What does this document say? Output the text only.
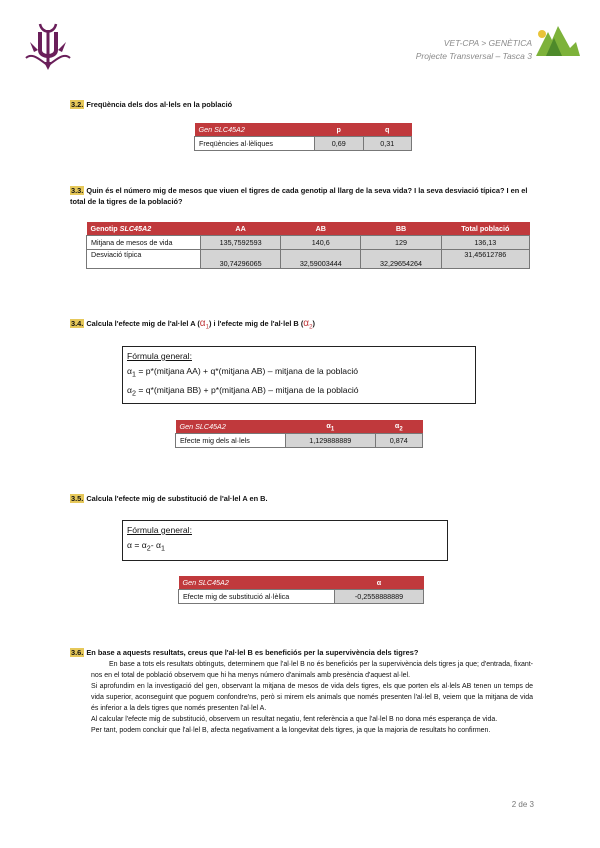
VET-CPA > GENÈTICA
Projecte Transversal – Tasca 3
3.2. Freqüència dels dos al·lels en la població
Gen SLC45A2	p	q
Freqüències al·lèliques	0,69	0,31
3.3. Quin és el número mig de mesos que viuen el tigres de cada genotip al llarg de la seva vida? I la seva desviació típica? I en el total de la tigres de la població?
Genotip SLC45A2	AA	AB	BB	Total població
Mitjana de mesos de vida	135,7592593	140,6	129	136,13
Desviació típica	30,74296065	32,59003444	32,29654264	31,45612786
3.4. Calcula l'efecte mig de l'al·lel A $(\alpha_1)$ i l'efecte mig de l'al·lel B $(\alpha_2)$
Fórmula general:
$\alpha_1$ = p*(mitjana AA) + q*(mitjana AB) – mitjana de la població
$\alpha_2$ = q*(mitjana BB) + p*(mitjana AB) – mitjana de la població
Gen SLC45A2	$\alpha_1$	$\alpha_2$
Efecte mig dels al·lels	1,129888889	0,874
3.5. Calcula l'efecte mig de substitució de l'al·lel A en B.
Fórmula general:
$\alpha = \alpha_2-$ $\alpha_1$
Gen SLC45A2	α
Efecte mig de substitució al·lèlica	-0,2558888889
3.6. En base a aquests resultats, creus que l'al·lel B es beneficiós per la supervivència dels tigres?

En base a tots els resultats obtinguts, determinem que l'al·lel B no és beneficiós per la supervivència dels tigres ja que; d'entrada, fixant-nos en el total de població observem que hi ha menys número d'animals amb presència d'aquest al·lel.

Si aprofundim en la investigació del gen, observant la mitjana de mesos de vida dels tigres, els que porten els al·lels AB tenen un temps de vida superior, aconseguint que poguem confondre'ns, però si mirem els animals que només presenten l'al·lel B, veiem que la mitjana de vida és inferior a la dels tigres que només presenten l'al·lel A.

Al calcular l'efecte mig de substitució, observem un resultat negatiu, fent referència a que l'al·lel B no dona més esperança de vida.

Per tant, podem concluir que l'al·lel B, afecta negativament a la longevitat dels tigres, ja que la majoria de resultats ho confirmen.

2 de 3
